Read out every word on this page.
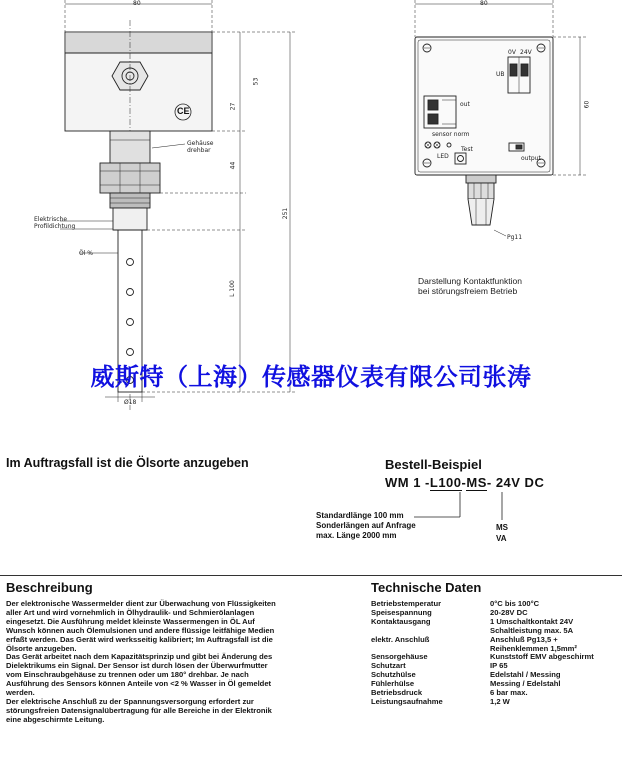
80
53
27
44
251
L 100
Ø18
CE
Gehäuse
drehbar
Elektrische
Profildichtung
Öl %
80
60
0V 24V
UB
out
sensor norm
LED
Test
output
Pg11
Darstellung Kontaktfunktion
bei störungsfreiem Betrieb
威斯特（上海）传感器仪表有限公司张涛
Im Auftragsfall ist die Ölsorte anzugeben	Bestell-Beispiel
WM 1 -L100-MS- 24V DC
Standardlänge 100 mm
Sonderlängen auf Anfrage
max. Länge 2000 mm
MS
VA
Beschreibung
Der elektronische Wassermelder dient zur Überwachung von Flüssigkeiten
aller Art und wird vornehmlich in Ölhydraulik- und Schmierölanlagen
eingesetzt. Die Ausführung meldet kleinste Wassermengen in ÖL Auf
Wunsch können auch Ölemulsionen und andere flüssige leitfähige Medien
erfaßt werden. Das Gerät wird werksseitig kalibriert; Im Auftragsfall ist die
Ölsorte anzugeben.
Das Gerät arbeitet nach dem Kapazitätsprinzip und gibt bei Änderung des
Dielektrikums ein Signal. Der Sensor ist durch lösen der Überwurfmutter
vom Einschraubgehäuse zu trennen oder um 180° drehbar. Je nach
Ausführung des Sensors können Anteile von <2 % Wasser in Öl gemeldet
werden.
Der elektrische Anschluß zu der Spannungsversorgung erfordert zur
störungsfreien Datensignalübertragung für alle Bereiche in der Elektronik
eine abgeschirmte Leitung.
Technische Daten
Betriebstemperatur	0°C bis 100°C
Speisespannung	20-28V DC
Kontaktausgang	1 Umschaltkontakt 24V
Schaltleistung max. 5A
elektr. Anschluß	Anschluß Pg13,5 +
Reihenklemmen 1,5mm²
Sensorgehäuse	Kunststoff EMV abgeschirmt
Schutzart	IP 65
Schutzhülse	Edelstahl / Messing
Fühlerhülse	Messing / Edelstahl
Betriebsdruck	6 bar max.
Leistungsaufnahme	1,2 W
